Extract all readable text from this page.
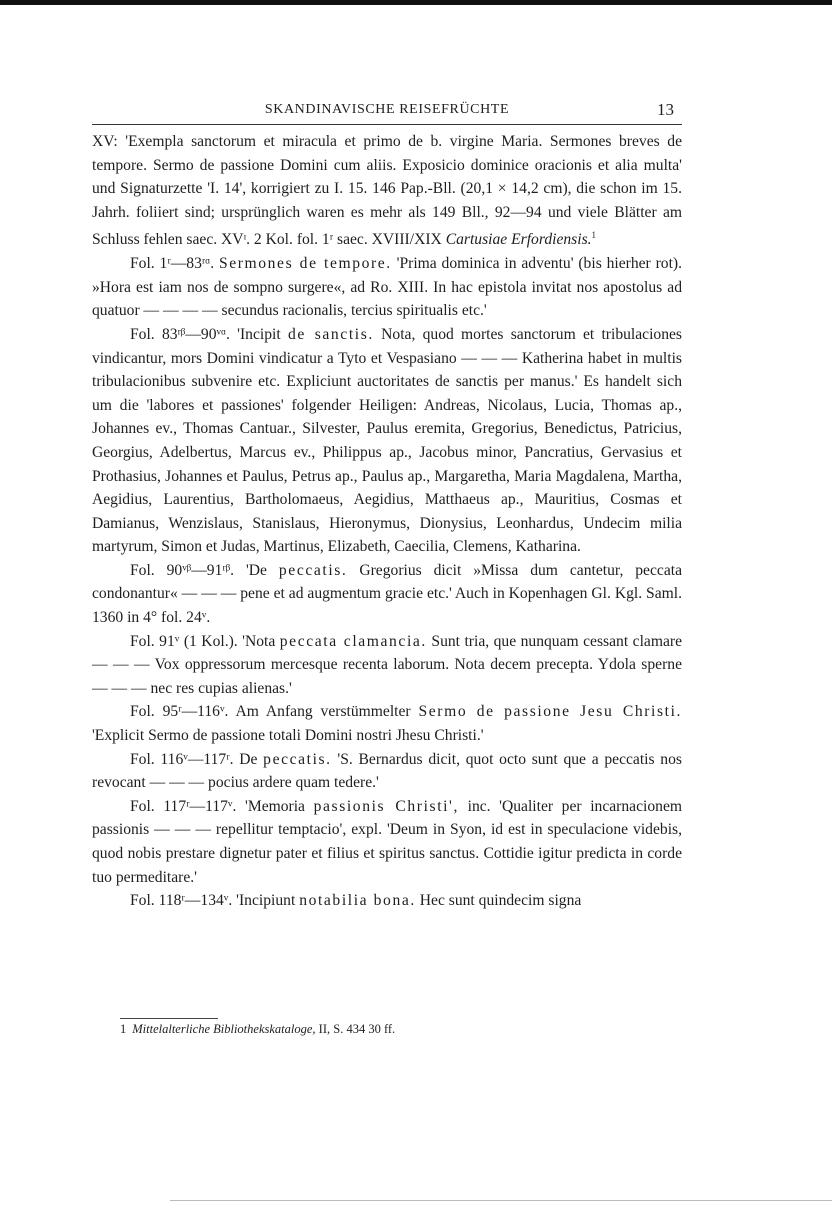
SKANDINAVISCHE REISEFRÜCHTE	13

XV: 'Exempla sanctorum et miracula et primo de b. virgine Maria. Sermones breves de tempore. Sermo de passione Domini cum aliis. Exposicio dominice oracionis et alia multa' und Signaturzette 'I. 14', korrigiert zu I. 15. 146 Pap.-Bll. (20,1 × 14,2 cm), die schon im 15. Jahrh. foliiert sind; ursprünglich waren es mehr als 149 Bll., 92—94 und viele Blätter am Schluss fehlen saec. XVᶦ. 2 Kol. fol. 1ʳ saec. XVIII/XIX Cartusiae Erfordiensis.$^1$

Fol. 1ʳ—83ʳᵅ. Sermones de tempore. 'Prima dominica in adventu' (bis hierher rot). »Hora est iam nos de sompno surgere«, ad Ro. XIII. In hac epistola invitat nos apostolus ad quatuor — — — — secundus racionalis, tercius spiritualis etc.'

Fol. 83ʳᵝ—90ᵛᵅ. 'Incipit de sanctis. Nota, quod mortes sanctorum et tribulaciones vindicantur, mors Domini vindicatur a Tyto et Vespasiano — — — Katherina habet in multis tribulacionibus subvenire etc. Expliciunt auctoritates de sanctis per manus.' Es handelt sich um die 'labores et passiones' folgender Heiligen: Andreas, Nicolaus, Lucia, Thomas ap., Johannes ev., Thomas Cantuar., Silvester, Paulus eremita, Gregorius, Benedictus, Patricius, Georgius, Adelbertus, Marcus ev., Philippus ap., Jacobus minor, Pancratius, Gervasius et Prothasius, Johannes et Paulus, Petrus ap., Paulus ap., Margaretha, Maria Magdalena, Martha, Aegidius, Laurentius, Bartholomaeus, Aegidius, Matthaeus ap., Mauritius, Cosmas et Damianus, Wenzislaus, Stanislaus, Hieronymus, Dionysius, Leonhardus, Undecim milia martyrum, Simon et Judas, Martinus, Elizabeth, Caecilia, Clemens, Katharina.

Fol. 90ᵛᵝ—91ʳᵝ. 'De peccatis. Gregorius dicit »Missa dum cantetur, peccata condonantur« — — — pene et ad augmentum gracie etc.' Auch in Kopenhagen Gl. Kgl. Saml. 1360 in 4° fol. 24ᵛ.

Fol. 91ᵛ (1 Kol.). 'Nota peccata clamancia. Sunt tria, que nunquam cessant clamare — — — Vox oppressorum mercesque recenta laborum. Nota decem precepta. Ydola sperne — — — nec res cupias alienas.'

Fol. 95ʳ—116ᵛ. Am Anfang verstümmelter Sermo de passione Jesu Christi. 'Explicit Sermo de passione totali Domini nostri Jhesu Christi.'

Fol. 116ᵛ—117ʳ. De peccatis. 'S. Bernardus dicit, quot octo sunt que a peccatis nos revocant — — — pocius ardere quam tedere.'

Fol. 117ʳ—117ᵛ. 'Memoria passionis Christi', inc. 'Qualiter per incarnacionem passionis — — — repellitur temptacio', expl. 'Deum in Syon, id est in speculacione videbis, quod nobis prestare dignetur pater et filius et spiritus sanctus. Cottidie igitur predicta in corde tuo permeditare.'

Fol. 118ʳ—134ᵛ. 'Incipiunt notabilia bona. Hec sunt quindecim signa

1 Mittelalterliche Bibliothekskataloge, II, S. 434 30 ff.
